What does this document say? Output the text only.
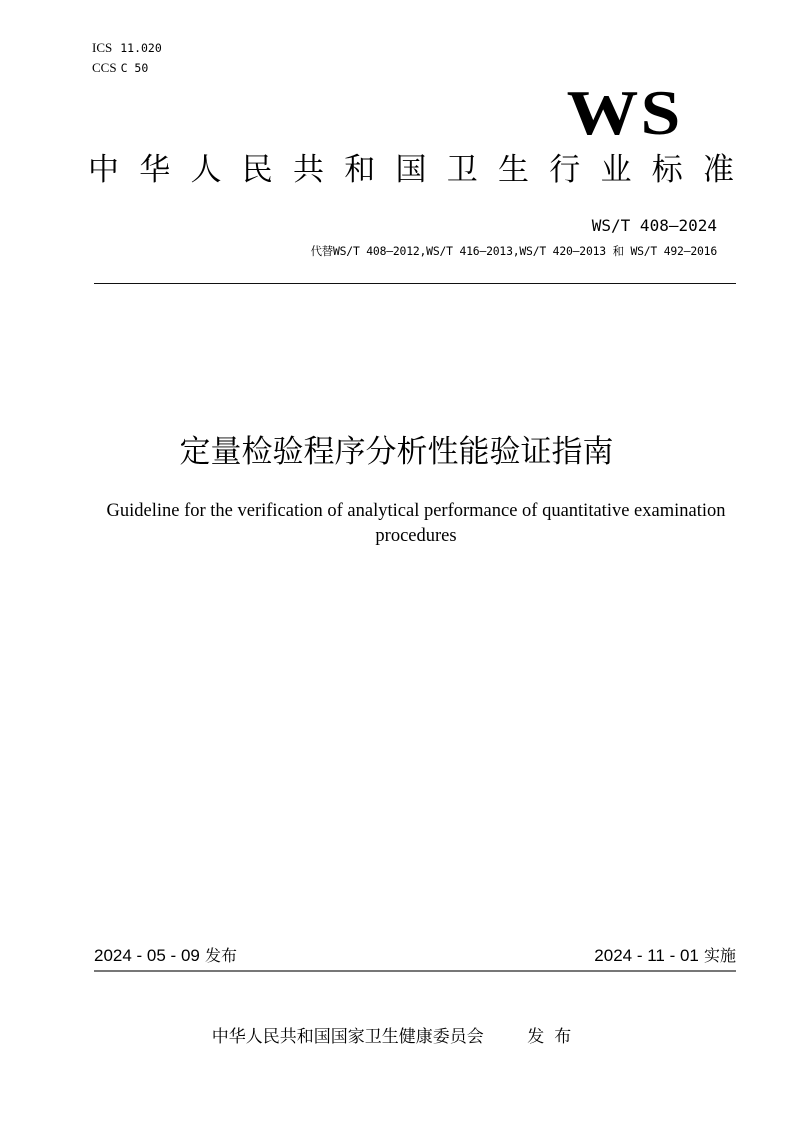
ICS 11.020
CCS C 50
WS
中 华 人 民 共 和 国 卫 生 行 业 标 准
WS/T 408—2024
代替WS/T 408—2012,WS/T 416—2013,WS/T 420—2013 和 WS/T 492—2016
定量检验程序分析性能验证指南
Guideline for the verification of analytical performance of quantitative examination
procedures
2024 - 05 - 09 发布	2024 - 11 - 01 实施
中华人民共和国国家卫生健康委员会	发布
